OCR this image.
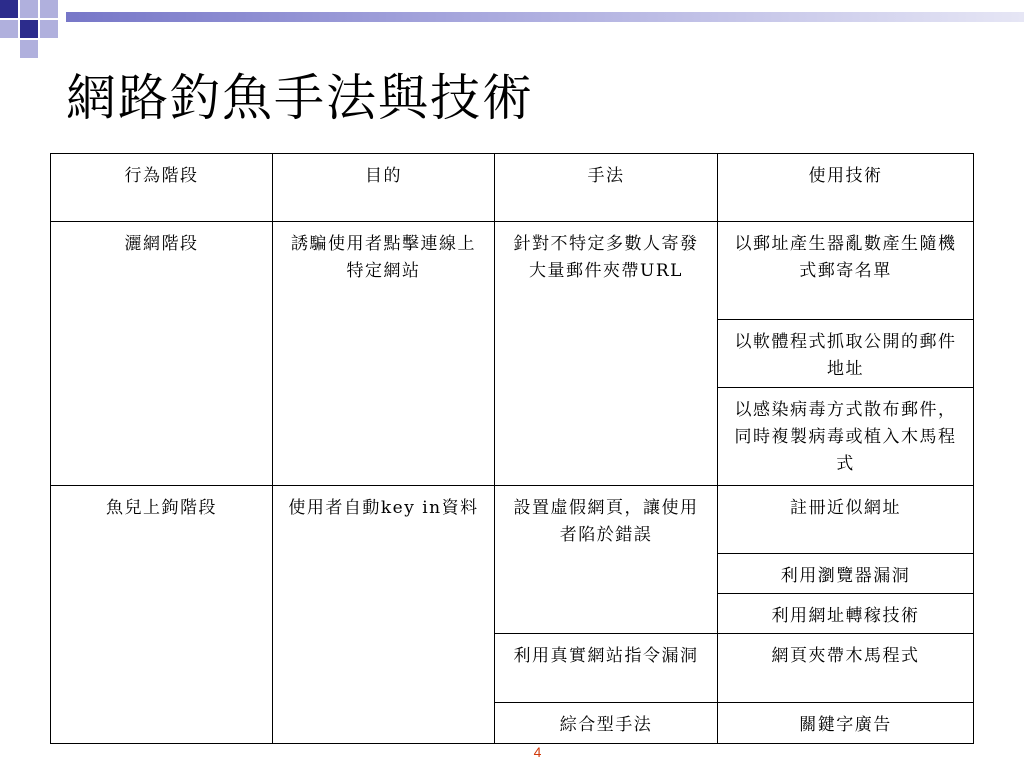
網路釣魚手法與技術
行為階段	目的	手法	使用技術
灑網階段	誘騙使用者點擊連線上特定網站	針對不特定多數人寄發大量郵件夾帶URL	以郵址產生器亂數產生隨機式郵寄名單
			以軟體程式抓取公開的郵件地址
			以感染病毒方式散布郵件，同時複製病毒或植入木馬程式
魚兒上鉤階段	使用者自動key in資料	設置虛假網頁，讓使用者陷於錯誤	註冊近似網址
			利用瀏覽器漏洞
			利用網址轉稼技術
		利用真實網站指令漏洞	網頁夾帶木馬程式
		綜合型手法	關鍵字廣告
4
